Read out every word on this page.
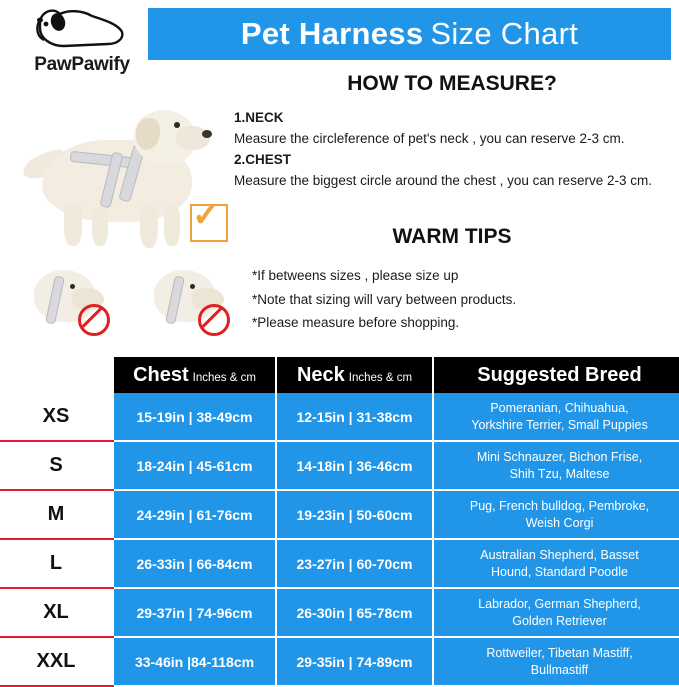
Pet Harness Size Chart
PawPawify
✓
HOW TO MEASURE?
1.NECK
Measure the circleference of pet's neck , you can reserve 2-3 cm.
2.CHEST
Measure the biggest circle around the chest , you can reserve 2-3 cm.
WARM TIPS
*If betweens sizes , please size up
*Note that sizing will vary between products.
*Please measure before shopping.
	Chest Inches & cm	Neck Inches & cm	Suggested Breed
XS	15-19in | 38-49cm	12-15in | 31-38cm	Pomeranian, Chihuahua,
Yorkshire Terrier, Small Puppies
S	18-24in | 45-61cm	14-18in | 36-46cm	Mini Schnauzer, Bichon Frise,
Shih Tzu, Maltese
M	24-29in | 61-76cm	19-23in | 50-60cm	Pug, French bulldog, Pembroke,
Weish Corgi
L	26-33in | 66-84cm	23-27in | 60-70cm	Australian Shepherd, Basset
Hound, Standard Poodle
XL	29-37in | 74-96cm	26-30in | 65-78cm	Labrador, German Shepherd,
Golden Retriever
XXL	33-46in |84-118cm	29-35in | 74-89cm	Rottweiler, Tibetan Mastiff,
Bullmastiff
